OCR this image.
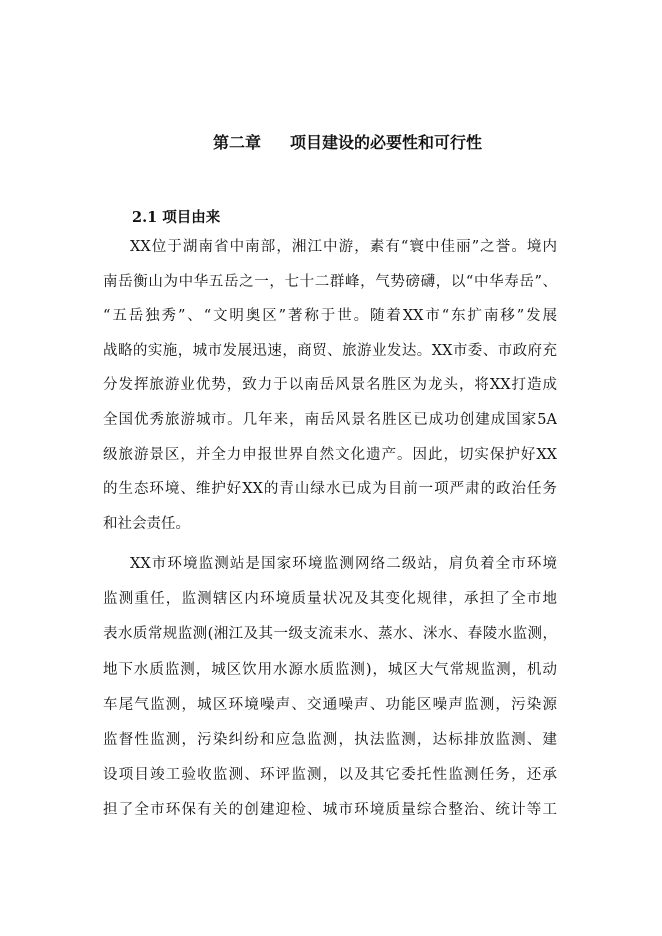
第二章 项目建设的必要性和可行性
2.1 项目由来
XX位于湖南省中南部，湘江中游，素有“寰中佳丽”之誉。境内
南岳衡山为中华五岳之一，七十二群峰，气势磅礴，以“中华寿岳”、
“五岳独秀”、“文明奥区”著称于世。随着XX市“东扩南移”发展
战略的实施，城市发展迅速，商贸、旅游业发达。XX市委、市政府充
分发挥旅游业优势，致力于以南岳风景名胜区为龙头，将XX打造成
全国优秀旅游城市。几年来，南岳风景名胜区已成功创建成国家5A
级旅游景区，并全力申报世界自然文化遗产。因此，切实保护好XX
的生态环境、维护好XX的青山绿水已成为目前一项严肃的政治任务
和社会责任。
XX市环境监测站是国家环境监测网络二级站，肩负着全市环境
监测重任，监测辖区内环境质量状况及其变化规律，承担了全市地
表水质常规监测(湘江及其一级支流耒水、蒸水、洣水、春陵水监测，
地下水质监测，城区饮用水源水质监测)，城区大气常规监测，机动
车尾气监测，城区环境噪声、交通噪声、功能区噪声监测，污染源
监督性监测，污染纠纷和应急监测，执法监测，达标排放监测、建
设项目竣工验收监测、环评监测，以及其它委托性监测任务，还承
担了全市环保有关的创建迎检、城市环境质量综合整治、统计等工
